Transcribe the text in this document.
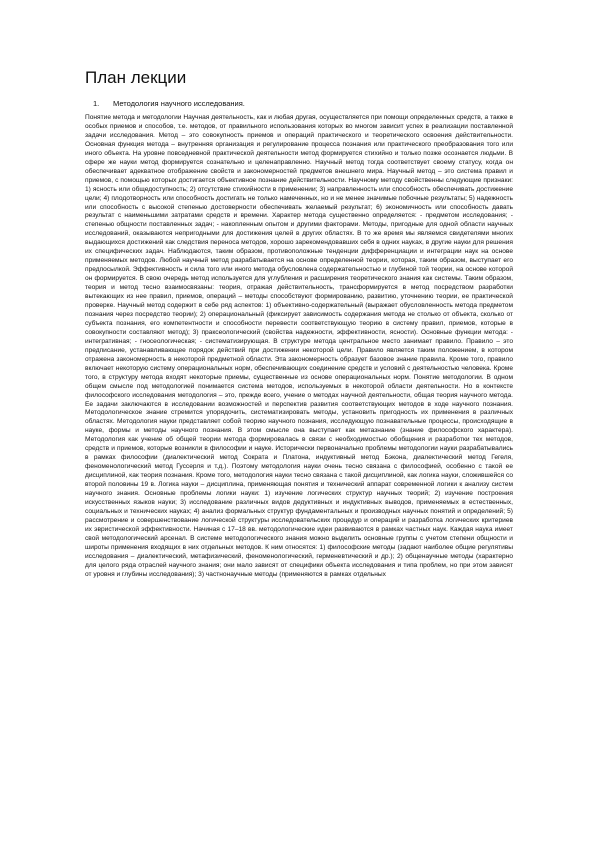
План лекции
1. Методология научного исследования.

Понятие метода и методологии Научная деятельность, как и любая другая, осуществляется при помощи определенных средств, а также в особых приемов и способов, т.е. методов, от правильного использования которых во многом зависит успех в реализации поставленной задачи исследования. Метод – это совокупность приемов и операций практического и теоретического освоения действительности. Основная функция метода – внутренняя организация и регулирование процесса познания или практического преобразования того или иного объекта. На уровне повседневной практической деятельности метод формируется стихийно и только позже осознается людьми. В сфере же науки метод формируется сознательно и целенаправленно. Научный метод тогда соответствует своему статусу, когда он обеспечивает адекватное отображение свойств и закономерностей предметов внешнего мира. Научный метод – это система правил и приемов, с помощью которых достигается объективное познание действительности. Научному методу свойственны следующие признаки: 1) ясность или общедоступность; 2) отсутствие стихийности в применении; 3) направленность или способность обеспечивать достижение цели; 4) плодотворность или способность достигать не только намеченных, но и не менее значимые побочные результаты; 5) надежность или способность с высокой степенью достоверности обеспечивать желаемый результат; 6) экономичность или способность давать результат с наименьшими затратами средств и времени. Характер метода существенно определяется: - предметом исследования; - степенью общности поставленных задач; - накопленным опытом и другими факторами. Методы, пригодные для одной области научных исследований, оказываются непригодными для достижения целей в других областях. В то же время мы являемся свидетелями многих выдающихся достижений как следствия переноса методов, хорошо зарекомендовавших себя в одних науках, в другие науки для решения их специфических задач. Наблюдаются, таким образом, противоположные тенденции дифференциации и интеграции наук на основе применяемых методов. Любой научный метод разрабатывается на основе определенной теории, которая, таким образом, выступает его предпосылкой. Эффективность и сила того или иного метода обусловлена содержательностью и глубиной той теории, на основе которой он формируется. В свою очередь метод используется для углубления и расширения теоретического знания как системы. Таким образом, теория и метод тесно взаимосвязаны: теория, отражая действительность, трансформируется в метод посредством разработки вытекающих из нее правил, приемов, операций – методы способствуют формированию, развитию, уточнению теории, ее практической проверке. Научный метод содержит в себе ряд аспектов: 1) объективно-содержательный (выражает обусловленность метода предметом познания через посредство теории); 2) операциональный (фиксирует зависимость содержания метода не столько от объекта, сколько от субъекта познания, его компетентности и способности перевести соответствующую теорию в систему правил, приемов, которые в совокупности составляют метод); 3) праксеологический (свойства надежности, эффективности, ясности). Основные функции метода: - интегративная; - гносеологическая; - систематизирующая. В структуре метода центральное место занимает правило. Правило – это предписание, устанавливающее порядок действий при достижении некоторой цели. Правило является таким положением, в котором отражена закономерность в некоторой предметной области. Эта закономерность образует базовое знание правила. Кроме того, правило включает некоторую систему операциональных норм, обеспечивающих соединение средств и условий с деятельностью человека. Кроме того, в структуру метода входят некоторые приемы, существенные из основе операциональных норм. Понятие методологии. В одном общем смысле под методологией понимается система методов, используемых в некоторой области деятельности. Но в контексте философского исследования методология – это, прежде всего, учение о методах научной деятельности, общая теория научного метода. Ее задачи заключаются в исследовании возможностей и перспектив развития соответствующих методов в ходе научного познания. Методологическое знание стремится упорядочить, систематизировать методы, установить пригодность их применения в различных областях. Методология науки представляет собой теорию научного познания, исследующую познавательные процессы, происходящие в науке, формы и методы научного познания. В этом смысле она выступает как метазнание (знание философского характера). Методология как учение об общей теории метода формировалась в связи с необходимостью обобщения и разработки тех методов, средств и приемов, которые возникли в философии и науке. Исторически первоначально проблемы методологии науки разрабатывались в рамках философии (диалектический метод Сократа и Платона, индуктивный метод Бэкона, диалектический метод Гегеля, феноменологический метод Гуссерля и т.д.). Поэтому методология науки очень тесно связана с философией, особенно с такой ее дисциплиной, как теория познания. Кроме того, методология науки тесно связана с такой дисциплиной, как логика науки, сложившейся со второй половины 19 в. Логика науки – дисциплина, применяющая понятия и технический аппарат современной логики к анализу систем научного знания. Основные проблемы логики науки: 1) изучение логических структур научных теорий; 2) изучение построения искусственных языков науки; 3) исследование различных видов дедуктивных и индуктивных выводов, применяемых в естественных, социальных и технических науках; 4) анализ формальных структур фундаментальных и производных научных понятий и определений; 5) рассмотрение и совершенствование логической структуры исследовательских процедур и операций и разработка логических критериев их эвристической эффективности. Начиная с 17–18 вв. методологические идеи развиваются в рамках частных наук. Каждая наука имеет свой методологический арсенал. В системе методологического знания можно выделить основные группы с учетом степени общности и широты применения входящих в них отдельных методов. К ним относятся: 1) философские методы (задают наиболее общие регулятивы исследования – диалектический, метафизический, феноменологический, герменевтический и др.); 2) общенаучные методы (характерно для целого ряда отраслей научного знания; они мало зависят от специфики объекта исследования и типа проблем, но при этом зависят от уровня и глубины исследования); 3) частнонаучные методы (применяются в рамках отдельных
